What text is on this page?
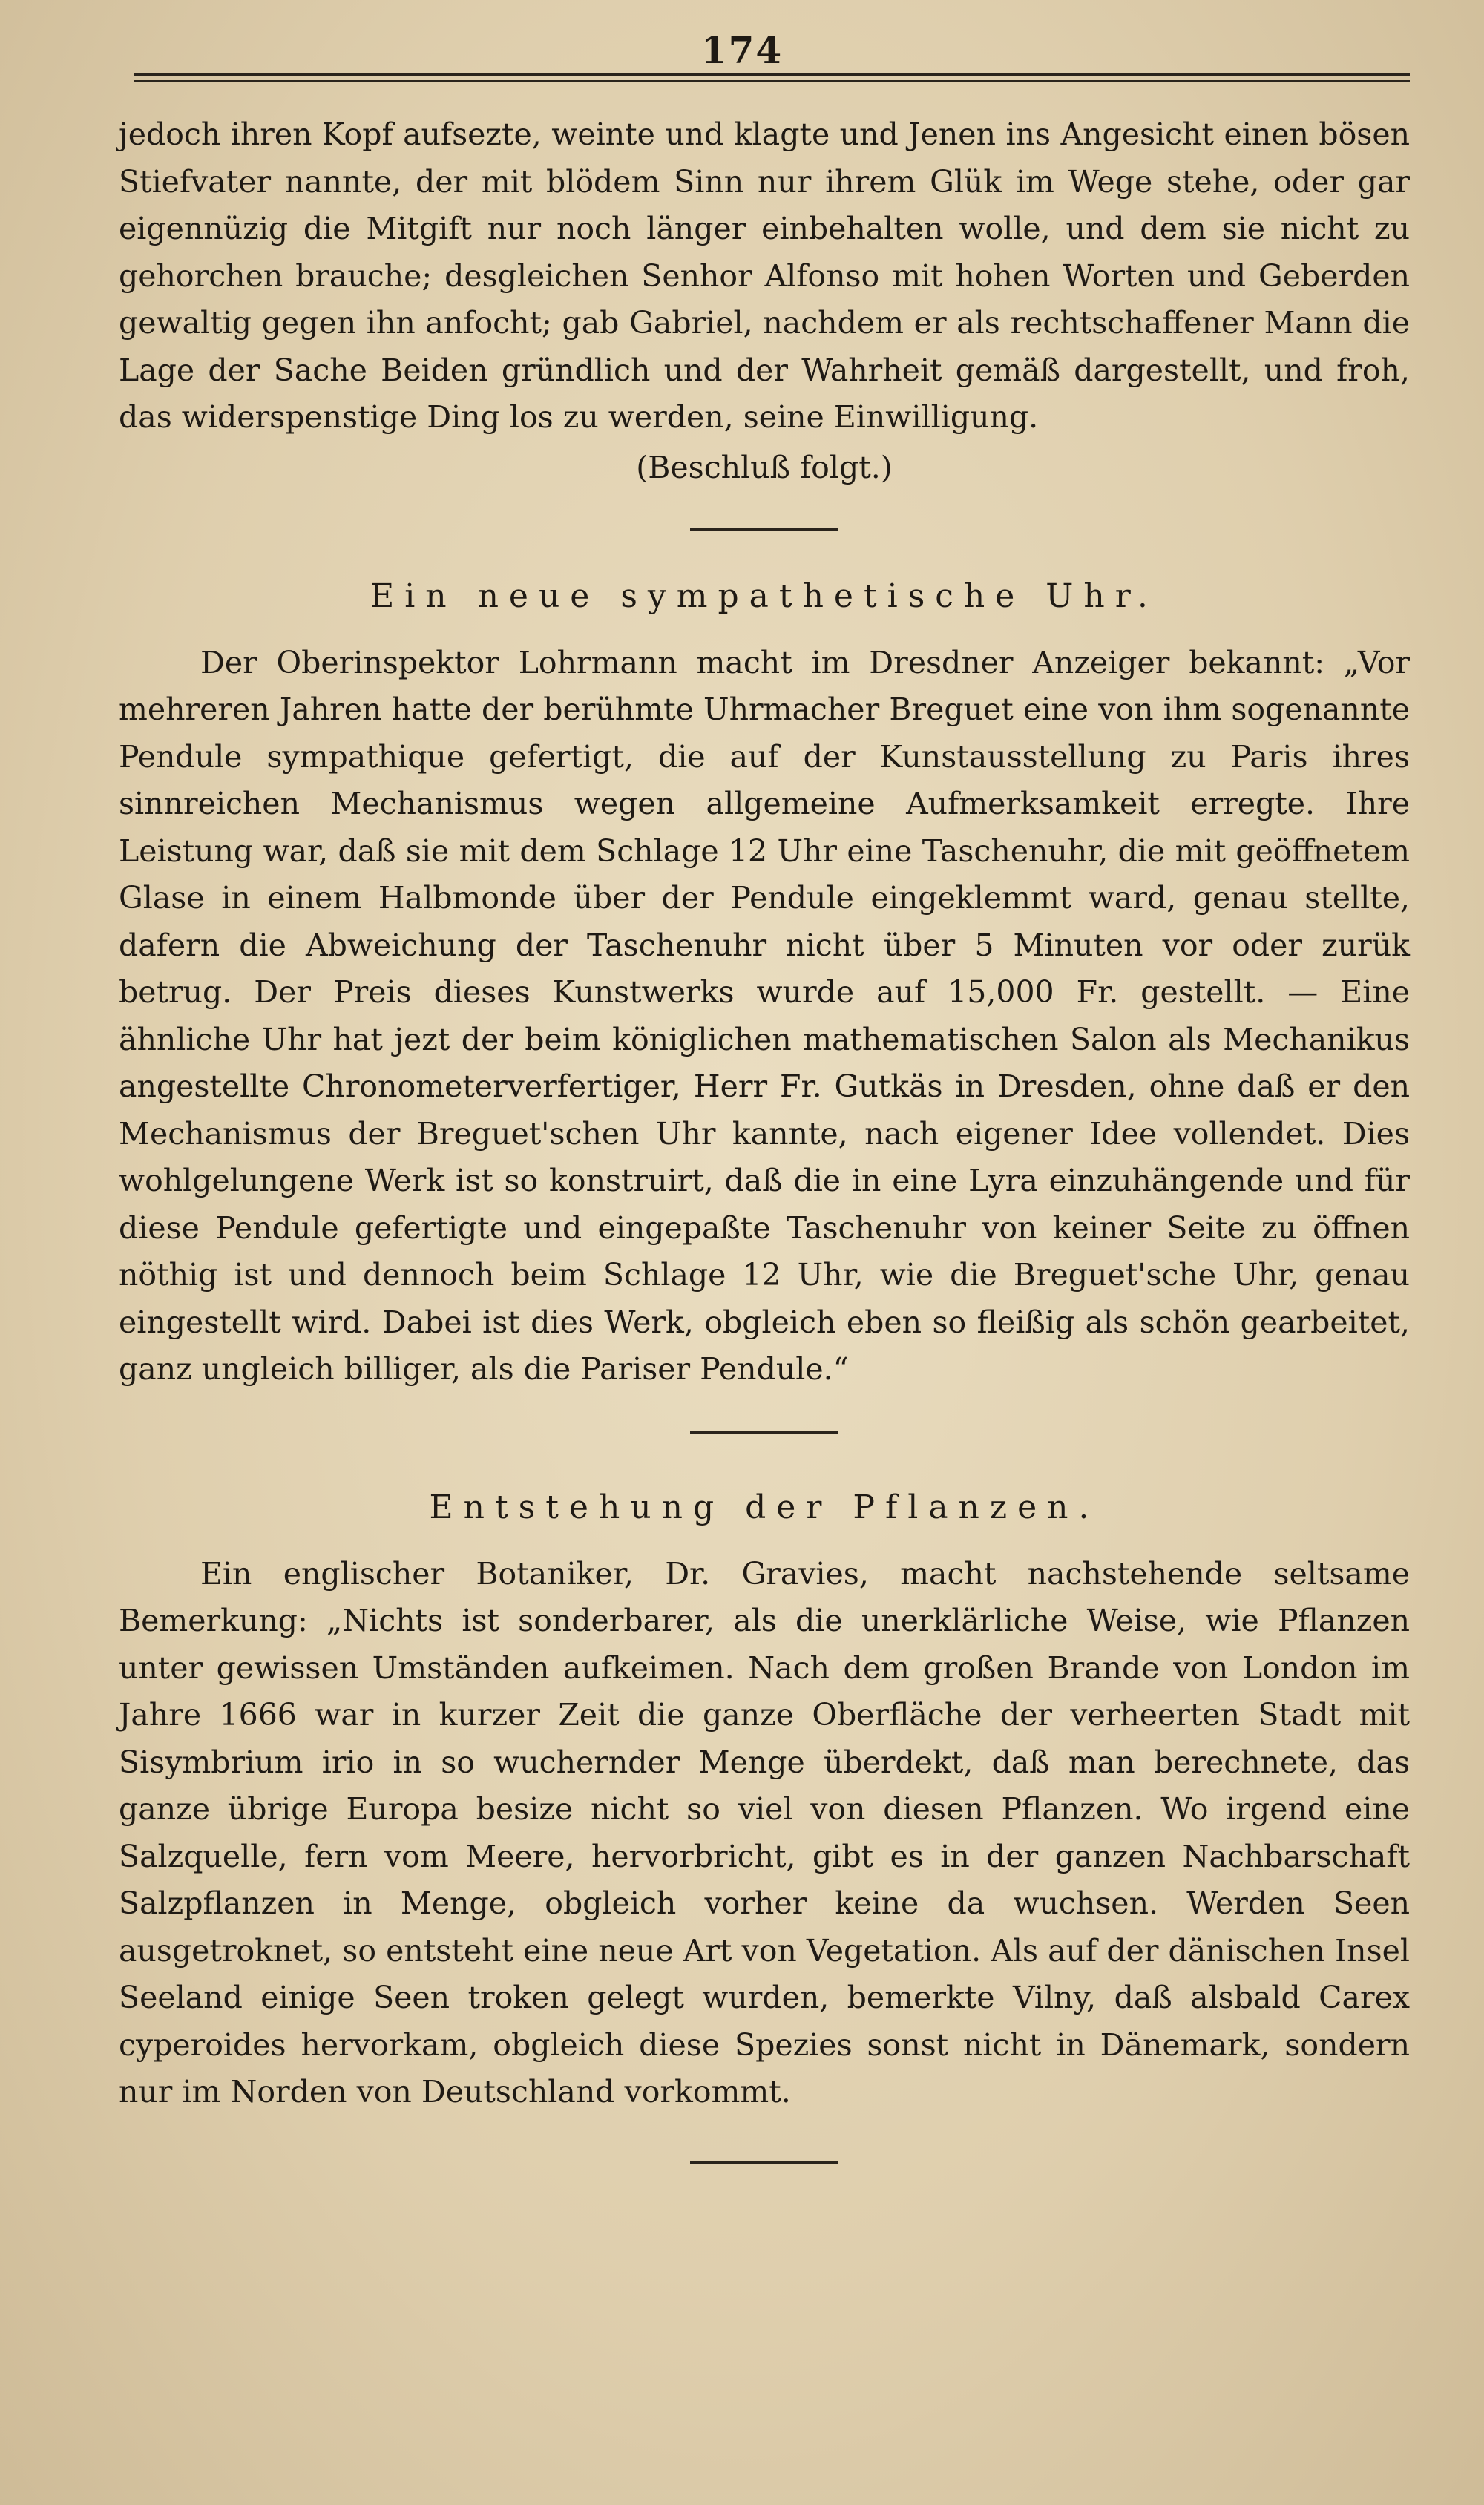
174

jedoch ihren Kopf aufsezte, weinte und klagte und Jenen ins Angesicht einen bösen Stiefvater nannte, der mit blödem Sinn nur ihrem Glük im Wege stehe, oder gar eigennüzig die Mitgift nur noch länger einbehalten wolle, und dem sie nicht zu gehorchen brauche; desgleichen Senhor Alfonso mit hohen Worten und Geberden gewaltig gegen ihn anfocht; gab Gabriel, nachdem er als rechtschaffener Mann die Lage der Sache Beiden gründlich und der Wahrheit gemäß dargestellt, und froh, das widerspenstige Ding los zu werden, seine Einwilligung.

(Beschluß folgt.)
Ein neue sympathetische Uhr.

Der Oberinspektor Lohrmann macht im Dresdner Anzeiger bekannt: „Vor mehreren Jahren hatte der berühmte Uhrmacher Breguet eine von ihm sogenannte Pendule sympathique gefertigt, die auf der Kunstausstellung zu Paris ihres sinnreichen Mechanismus wegen allgemeine Aufmerksamkeit erregte. Ihre Leistung war, daß sie mit dem Schlage 12 Uhr eine Taschenuhr, die mit geöffnetem Glase in einem Halbmonde über der Pendule eingeklemmt ward, genau stellte, dafern die Abweichung der Taschenuhr nicht über 5 Minuten vor oder zurük betrug. Der Preis dieses Kunstwerks wurde auf 15,000 Fr. gestellt. — Eine ähnliche Uhr hat jezt der beim königlichen mathematischen Salon als Mechanikus angestellte Chronometerverfertiger, Herr Fr. Gutkäs in Dresden, ohne daß er den Mechanismus der Breguet'schen Uhr kannte, nach eigener Idee vollendet. Dies wohlgelungene Werk ist so konstruirt, daß die in eine Lyra einzuhängende und für diese Pendule gefertigte und eingepaßte Taschenuhr von keiner Seite zu öffnen nöthig ist und dennoch beim Schlage 12 Uhr, wie die Breguet'sche Uhr, genau eingestellt wird. Dabei ist dies Werk, obgleich eben so fleißig als schön gearbeitet, ganz ungleich billiger, als die Pariser Pendule.“

Entstehung der Pflanzen.

Ein englischer Botaniker, Dr. Gravies, macht nachstehende seltsame Bemerkung: „Nichts ist sonderbarer, als die unerklärliche Weise, wie Pflanzen unter gewissen Umständen aufkeimen. Nach dem großen Brande von London im Jahre 1666 war in kurzer Zeit die ganze Oberfläche der verheerten Stadt mit Sisymbrium irio in so wuchernder Menge überdekt, daß man berechnete, das ganze übrige Europa besize nicht so viel von diesen Pflanzen. Wo irgend eine Salzquelle, fern vom Meere, hervorbricht, gibt es in der ganzen Nachbarschaft Salzpflanzen in Menge, obgleich vorher keine da wuchsen. Werden Seen ausgetroknet, so entsteht eine neue Art von Vegetation. Als auf der dänischen Insel Seeland einige Seen troken gelegt wurden, bemerkte Vilny, daß alsbald Carex cyperoides hervorkam, obgleich diese Spezies sonst nicht in Dänemark, sondern nur im Norden von Deutschland vorkommt.
